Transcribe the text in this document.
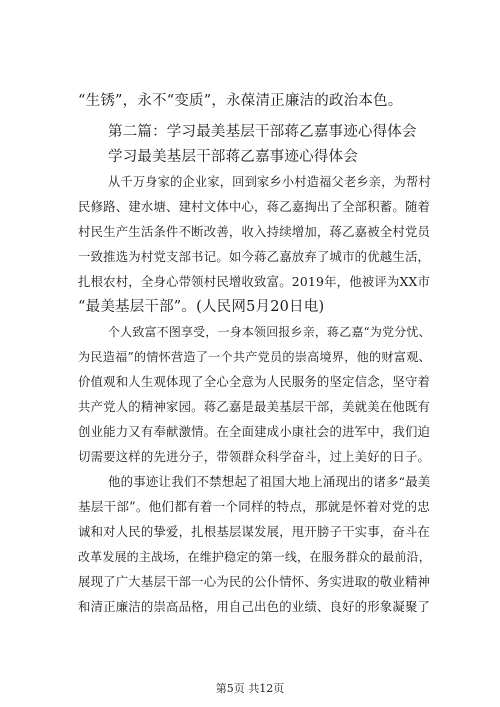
“生锈”，永不“变质”，永葆清正廉洁的政治本色。
第二篇：学习最美基层干部蒋乙嘉事迹心得体会
学习最美基层干部蒋乙嘉事迹心得体会
从千万身家的企业家，回到家乡小村造福父老乡亲，为帮村
民修路、建水塘、建村文体中心，蒋乙嘉掏出了全部积蓄。随着
村民生产生活条件不断改善，收入持续增加，蒋乙嘉被全村党员
一致推选为村党支部书记。如今蒋乙嘉放弃了城市的优越生活，
扎根农村，全身心带领村民增收致富。2019年，他被评为XX市
“最美基层干部”。(人民网5月20日电)
个人致富不图享受，一身本领回报乡亲，蒋乙嘉“为党分忧、
为民造福”的情怀营造了一个共产党员的崇高境界，他的财富观、
价值观和人生观体现了全心全意为人民服务的坚定信念，坚守着
共产党人的精神家园。蒋乙嘉是最美基层干部，美就美在他既有
创业能力又有奉献激情。在全面建成小康社会的进军中，我们迫
切需要这样的先进分子，带领群众科学奋斗，过上美好的日子。
他的事迹让我们不禁想起了祖国大地上涌现出的诸多“最美
基层干部”。他们都有着一个同样的特点，那就是怀着对党的忠
诚和对人民的挚爱，扎根基层谋发展，甩开膀子干实事，奋斗在
改革发展的主战场，在维护稳定的第一线，在服务群众的最前沿，
展现了广大基层干部一心为民的公仆情怀、务实进取的敬业精神
和清正廉洁的崇高品格，用自己出色的业绩、良好的形象凝聚了
第5页 共12页
